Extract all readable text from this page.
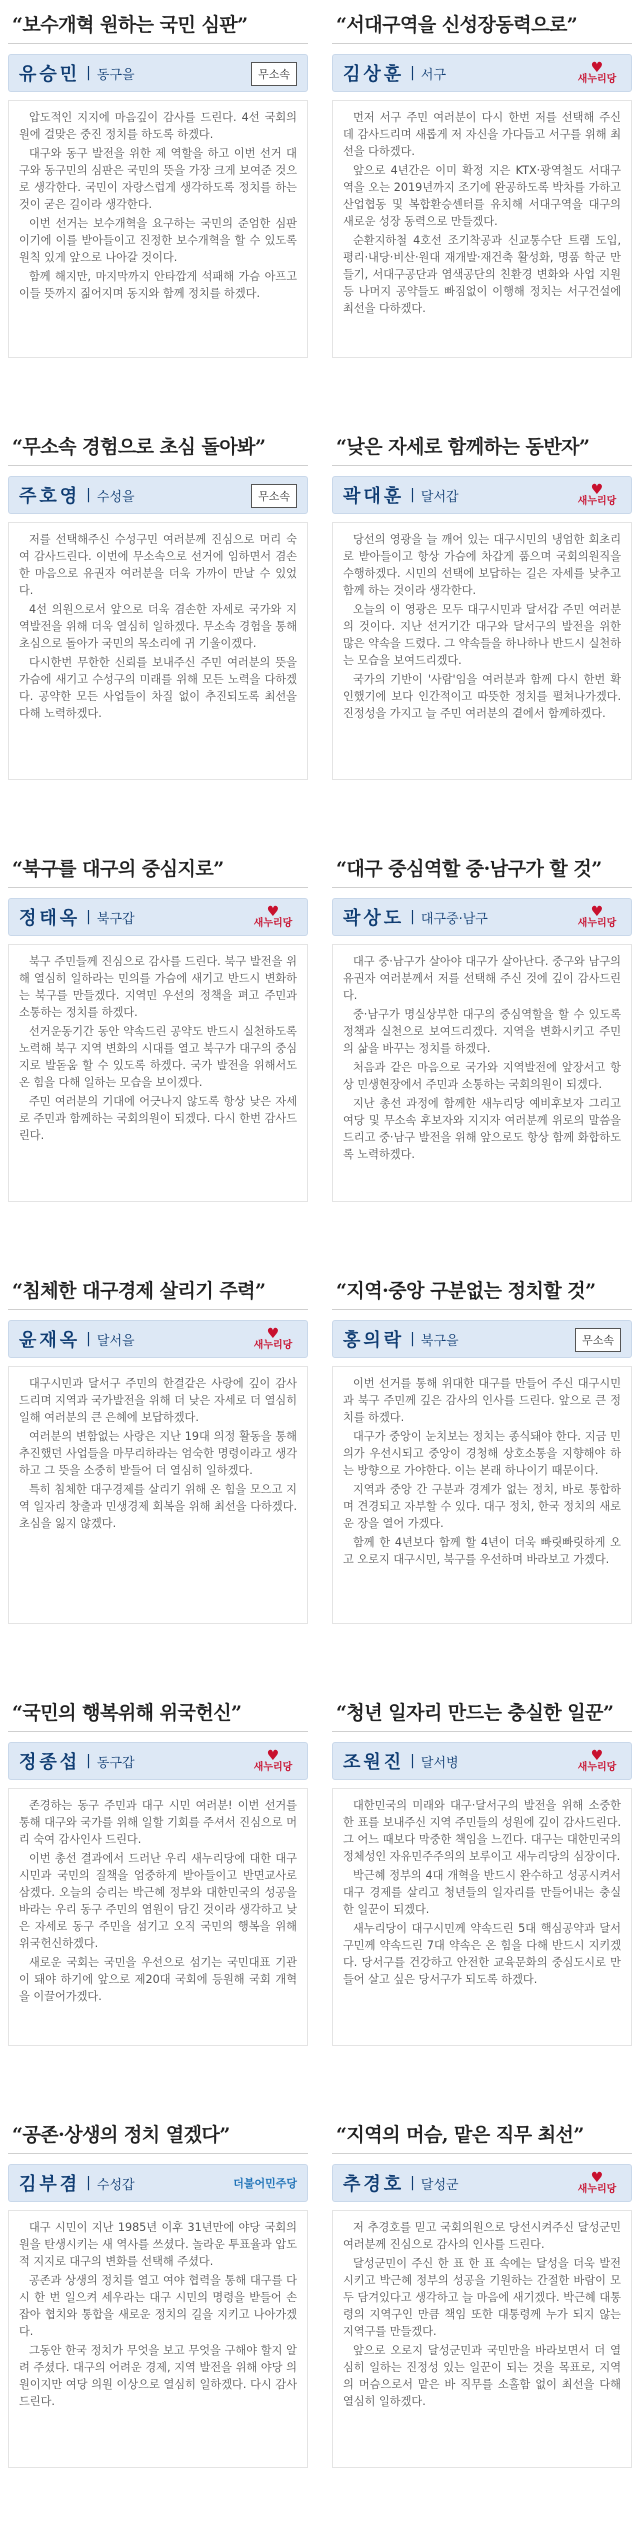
“보수개혁 원하는 국민 심판”
유승민 | 동구을	무소속

압도적인 지지에 마음깊이 감사를 드린다. 4선 국회의원에 걸맞은 중진 정치를 하도록 하겠다.

대구와 동구 발전을 위한 제 역할을 하고 이번 선거 대구와 동구민의 심판은 국민의 뜻을 가장 크게 보여준 것으로 생각한다. 국민이 자랑스럽게 생각하도록 정치를 하는 것이 굳은 길이라 생각한다.

이번 선거는 보수개혁을 요구하는 국민의 준엄한 심판이기에 이를 받아들이고 진정한 보수개혁을 할 수 있도록 원칙 있게 앞으로 나아갈 것이다.

함께 해지만, 마지막까지 안타깝게 석패해 가슴 아프고 이들 뜻까지 짊어지며 동지와 함께 정치를 하겠다.

“서대구역을 신성장동력으로”
김상훈 | 서구	♥
새누리당

먼저 서구 주민 여러분이 다시 한번 저를 선택해 주신 데 감사드리며 새롭게 저 자신을 가다듬고 서구를 위해 최선을 다하겠다.

앞으로 4년간은 이미 확정 지은 KTX·광역철도 서대구역을 오는 2019년까지 조기에 완공하도록 박차를 가하고 산업협동 및 복합환승센터를 유치해 서대구역을 대구의 새로운 성장 동력으로 만들겠다.

순환지하철 4호선 조기착공과 신교통수단 트램 도입, 평리·내당·비산·원대 재개발·재건축 활성화, 명품 학군 만들기, 서대구공단과 염색공단의 친환경 변화와 사업 지원 등 나머지 공약들도 빠짐없이 이행해 정치는 서구건설에 최선을 다하겠다.

“무소속 경험으로 초심 돌아봐”
주호영 | 수성을	무소속

저를 선택해주신 수성구민 여러분께 진심으로 머리 숙여 감사드린다. 이번에 무소속으로 선거에 임하면서 겸손한 마음으로 유권자 여러분을 더욱 가까이 만날 수 있었다.

4선 의원으로서 앞으로 더욱 겸손한 자세로 국가와 지역발전을 위해 더욱 열심히 일하겠다. 무소속 경험을 통해 초심으로 돌아가 국민의 목소리에 귀 기울이겠다.

다시한번 무한한 신뢰를 보내주신 주민 여러분의 뜻을 가슴에 새기고 수성구의 미래를 위해 모든 노력을 다하겠다. 공약한 모든 사업들이 차질 없이 추진되도록 최선을 다해 노력하겠다.

“낮은 자세로 함께하는 동반자”
곽대훈 | 달서갑	♥
새누리당

당선의 영광을 늘 깨어 있는 대구시민의 냉엄한 회초리로 받아들이고 항상 가슴에 차갑게 품으며 국회의원직을 수행하겠다. 시민의 선택에 보답하는 길은 자세를 낮추고 함께 하는 것이라 생각한다.

오늘의 이 영광은 모두 대구시민과 달서갑 주민 여러분의 것이다. 지난 선거기간 대구와 달서구의 발전을 위한 많은 약속을 드렸다. 그 약속들을 하나하나 반드시 실천하는 모습을 보여드리겠다.

국가의 기반이 '사람'임을 여러분과 함께 다시 한번 확인했기에 보다 인간적이고 따뜻한 정치를 펼쳐나가겠다. 진정성을 가지고 늘 주민 여러분의 곁에서 함께하겠다.

“북구를 대구의 중심지로”
정태옥 | 북구갑	♥
새누리당

북구 주민들께 진심으로 감사를 드린다. 북구 발전을 위해 열심히 일하라는 민의를 가슴에 새기고 반드시 변화하는 북구를 만들겠다. 지역민 우선의 정책을 펴고 주민과 소통하는 정치를 하겠다.

선거운동기간 동안 약속드린 공약도 반드시 실천하도록 노력해 북구 지역 변화의 시대를 열고 북구가 대구의 중심지로 발돋움 할 수 있도록 하겠다. 국가 발전을 위해서도 온 힘을 다해 일하는 모습을 보이겠다.

주민 여러분의 기대에 어긋나지 않도록 항상 낮은 자세로 주민과 함께하는 국회의원이 되겠다. 다시 한번 감사드린다.

“대구 중심역할 중·남구가 할 것”
곽상도 | 대구중·남구	♥
새누리당

대구 중·남구가 살아야 대구가 살아난다. 중구와 남구의 유권자 여러분께서 저를 선택해 주신 것에 깊이 감사드린다.

중·남구가 명실상부한 대구의 중심역할을 할 수 있도록 정책과 실천으로 보여드리겠다. 지역을 변화시키고 주민의 삶을 바꾸는 정치를 하겠다.

처음과 같은 마음으로 국가와 지역발전에 앞장서고 항상 민생현장에서 주민과 소통하는 국회의원이 되겠다.

지난 총선 과정에 함께한 새누리당 예비후보자 그리고 여당 및 무소속 후보자와 지지자 여러분께 위로의 말씀을 드리고 중·남구 발전을 위해 앞으로도 항상 함께 화합하도록 노력하겠다.

“침체한 대구경제 살리기 주력”
윤재옥 | 달서을	♥
새누리당

대구시민과 달서구 주민의 한결같은 사랑에 깊이 감사드리며 지역과 국가발전을 위해 더 낮은 자세로 더 열심히 일해 여러분의 큰 은혜에 보답하겠다.

여러분의 변함없는 사랑은 지난 19대 의정 활동을 통해 추진했던 사업들을 마무리하라는 엄숙한 명령이라고 생각하고 그 뜻을 소중히 받들어 더 열심히 일하겠다.

특히 침체한 대구경제를 살리기 위해 온 힘을 모으고 지역 일자리 창출과 민생경제 회복을 위해 최선을 다하겠다. 초심을 잃지 않겠다.

“지역·중앙 구분없는 정치할 것”
홍의락 | 북구을	무소속

이번 선거를 통해 위대한 대구를 만들어 주신 대구시민과 북구 주민께 깊은 감사의 인사를 드린다. 앞으로 큰 정치를 하겠다.

대구가 중앙이 눈치보는 정치는 종식돼야 한다. 지금 민의가 우선시되고 중앙이 경청해 상호소통을 지향해야 하는 방향으로 가야한다. 이는 본래 하나이기 때문이다.

지역과 중앙 간 구분과 경계가 없는 정치, 바로 통합하며 견경되고 자부할 수 있다. 대구 정치, 한국 정치의 새로운 장을 열어 가겠다.

함께 한 4년보다 함께 할 4년이 더욱 빠릿빠릿하게 오고 오로지 대구시민, 북구를 우선하며 바라보고 가겠다.

“국민의 행복위해 위국헌신”
정종섭 | 동구갑	♥
새누리당

존경하는 동구 주민과 대구 시민 여러분! 이번 선거를 통해 대구와 국가를 위해 일할 기회를 주셔서 진심으로 머리 숙여 감사인사 드린다.

이번 총선 결과에서 드러난 우리 새누리당에 대한 대구 시민과 국민의 질책을 엄중하게 받아들이고 반면교사로 삼겠다. 오늘의 승리는 박근혜 정부와 대한민국의 성공을 바라는 우리 동구 주민의 염원이 담긴 것이라 생각하고 낮은 자세로 동구 주민을 섬기고 오직 국민의 행복을 위해 위국헌신하겠다.

새로운 국회는 국민을 우선으로 섬기는 국민대표 기관이 돼야 하기에 앞으로 제20대 국회에 등원해 국회 개혁을 이끌어가겠다.

“청년 일자리 만드는 충실한 일꾼”
조원진 | 달서병	♥
새누리당

대한민국의 미래와 대구·달서구의 발전을 위해 소중한 한 표를 보내주신 지역 주민들의 성원에 깊이 감사드린다. 그 어느 때보다 막중한 책임을 느낀다. 대구는 대한민국의 정체성인 자유민주주의의 보루이고 새누리당의 심장이다.

박근혜 정부의 4대 개혁을 반드시 완수하고 성공시켜서 대구 경제를 살리고 청년들의 일자리를 만들어내는 충실한 일꾼이 되겠다.

새누리당이 대구시민께 약속드린 5대 핵심공약과 달서구민께 약속드린 7대 약속은 온 힘을 다해 반드시 지키겠다. 당서구를 건강하고 안전한 교육문화의 중심도시로 만들어 살고 싶은 당서구가 되도록 하겠다.

“공존·상생의 정치 열겠다”
김부겸 | 수성갑	더불어민주당

대구 시민이 지난 1985년 이후 31년만에 야당 국회의원을 탄생시키는 새 역사를 쓰셨다. 놀라운 투표율과 압도적 지지로 대구의 변화를 선택해 주셨다.

공존과 상생의 정치를 열고 여야 협력을 통해 대구를 다시 한 번 일으켜 세우라는 대구 시민의 명령을 받들어 손잡아 협치와 통합을 새로운 정치의 길을 지키고 나아가겠다.

그동안 한국 정치가 무엇을 보고 무엇을 구해야 할지 알려 주셨다. 대구의 어려운 경제, 지역 발전을 위해 야당 의원이지만 여당 의원 이상으로 열심히 일하겠다. 다시 감사드린다.

“지역의 머슴, 맡은 직무 최선”
추경호 | 달성군	♥
새누리당

저 추경호를 믿고 국회의원으로 당선시켜주신 달성군민 여러분께 진심으로 감사의 인사를 드린다.

달성군민이 주신 한 표 한 표 속에는 달성을 더욱 발전시키고 박근혜 정부의 성공을 기원하는 간절한 바람이 모두 담겨있다고 생각하고 늘 마음에 새기겠다. 박근혜 대통령의 지역구인 만큼 책임 또한 대통령께 누가 되지 않는 지역구를 만들겠다.

앞으로 오로지 달성군민과 국민만을 바라보면서 더 열심히 일하는 진정성 있는 일꾼이 되는 것을 목표로, 지역의 머슴으로서 맡은 바 직무를 소홀함 없이 최선을 다해 열심히 일하겠다.
